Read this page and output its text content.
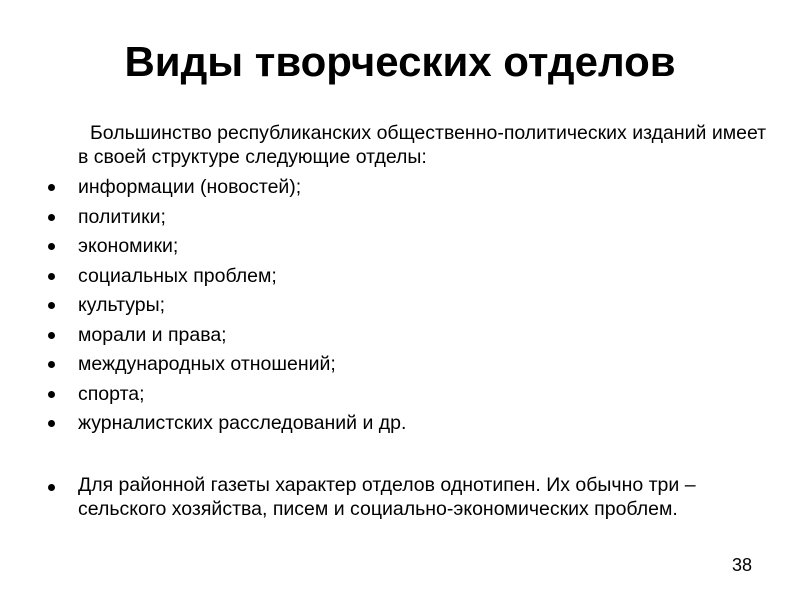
Виды творческих отделов

Большинство республиканских общественно-политических изданий имеет в своей структуре следующие отделы:

информации (новостей);
политики;
экономики;
социальных проблем;
культуры;
морали и права;
международных отношений;
спорта;
журналистских расследований и др.
Для районной газеты характер отделов однотипен. Их обычно три – сельского хозяйства, писем и социально-экономических проблем.
38
